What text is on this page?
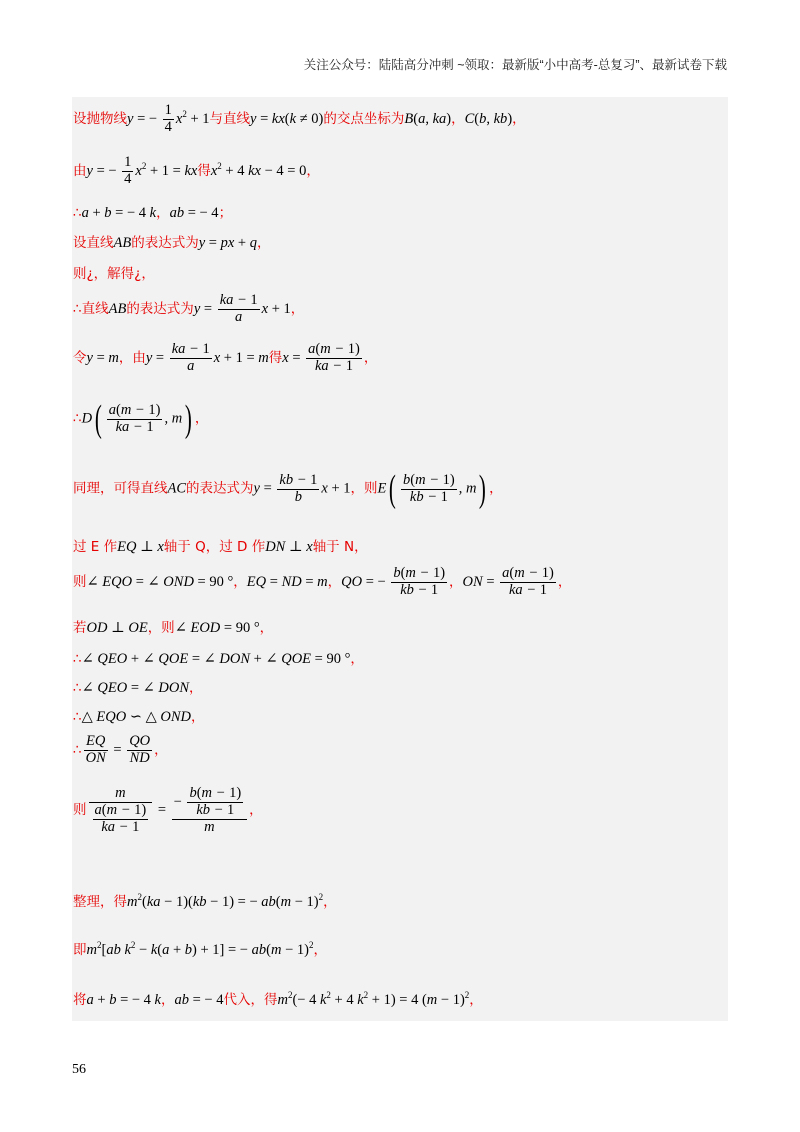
关注公众号：陆陆高分冲刺 ~领取：最新版“小中高考-总复习”、最新试卷下载
设抛物线y = − $\frac{1}{4} x^2 + 1$与直线y = kx(k ≠ 0)的交点坐标为B(a, ka)，C(b, kb)，
由y = − $\frac{1}{4} x^2 + 1$ = kx得$x^2 + 4$ kx − 4 = 0，
∴a + b = − 4 k，ab = − 4；
设直线AB的表达式为y = px + q，
则¿，解得¿，
∴直线AB的表达式为$y = \frac{ka - 1}{a}$ x + 1，
令y = m，由$y = \frac{ka - 1}{a}$ x + 1 = m得$x = \frac{a(m - 1)}{ka - 1}$ ，
∴D( $\frac{a(m - 1)}{ka - 1}$ , m) ，
同理，可得直线AC的表达式为$y = \frac{kb - 1}{b}$ x + 1，则$E( \frac{b(m - 1)}{kb - 1}$ , m) ，
过 E 作EQ ⊥ x轴于 Q，过 D 作DN ⊥ x轴于 N，
则∠ EQO = ∠ OND = 90 °，EQ = ND = m，QO = − $\frac{b(m - 1)}{kb - 1}$ ，ON = $\frac{a(m - 1)}{ka - 1}$ ，
若OD ⊥ OE，则∠ EOD = 90 °，
∴∠ QEO + ∠ QOE = ∠ DON + ∠ QOE = 90 °，
∴∠ QEO = ∠ DON，
∴△ EQO ∽ △ OND，
∴ $\frac{EQ}{ON} = \frac{QO}{ND}$ ，
则 $\frac{m}{\frac{a(m - 1)}{ka - 1}} = \frac{- \frac{b(m - 1)}{kb - 1}}{m}$ ，
整理，得$m^2(ka - 1)(kb - 1)$ = − $ab(m - 1)^2$，
即$m^2[ab$ $k^2 - k(a + b) + 1$] = − $ab(m - 1)^2$，
将a + b = − 4 k，ab = − 4代入，得$m^2(- 4$ $k^2 + 4$ $k^2 + 1) = 4$ $(m - 1)^2$，
56
